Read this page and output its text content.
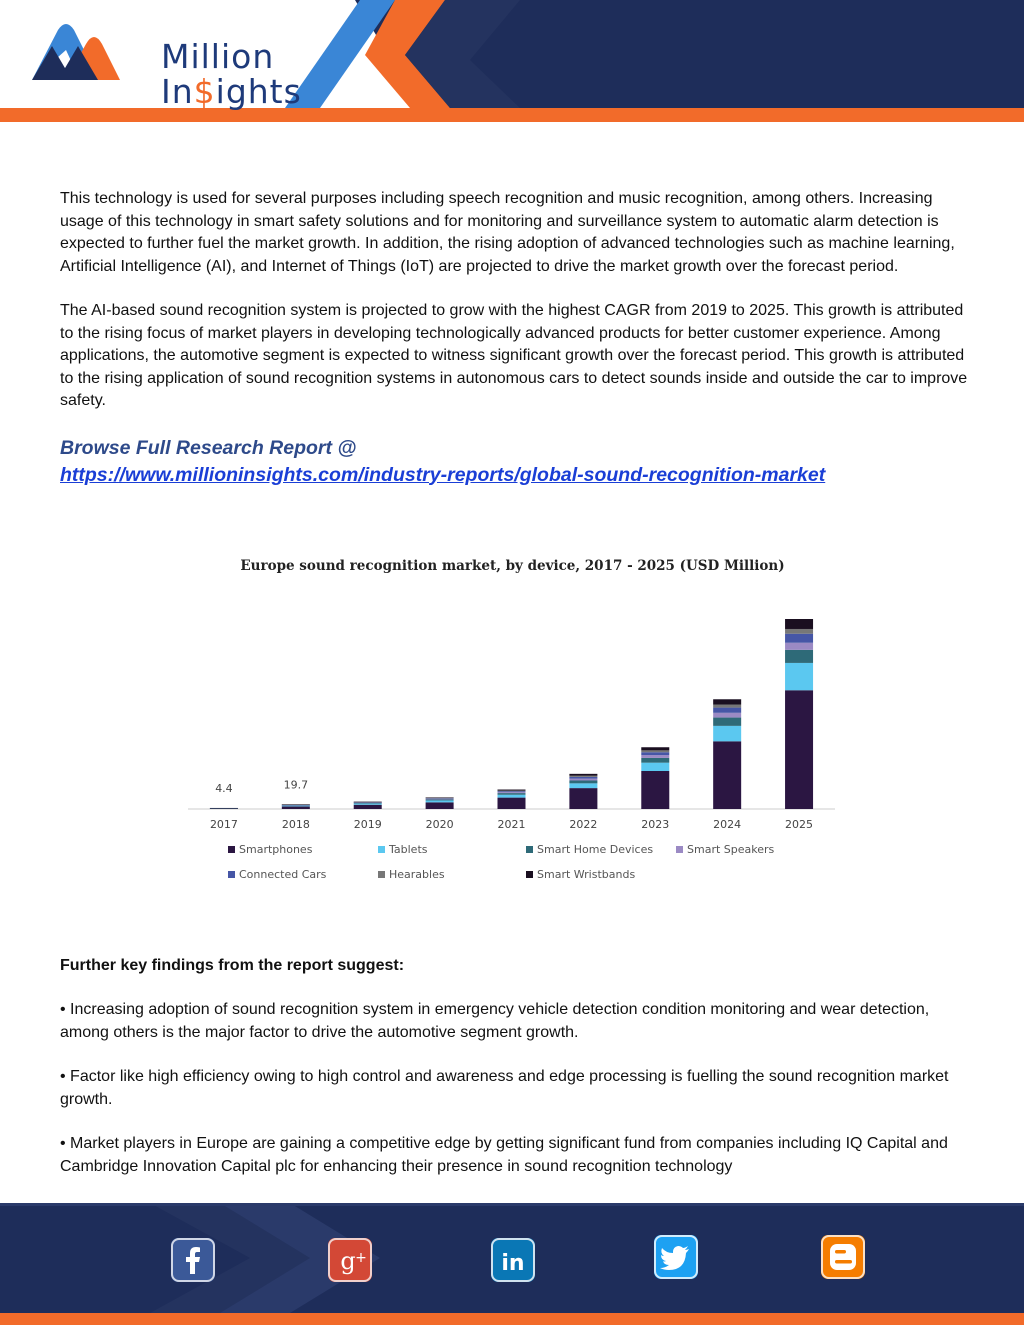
Million
In$ights

This technology is used for several purposes including speech recognition and music recognition, among others. Increasing usage of this technology in smart safety solutions and for monitoring and surveillance system to automatic alarm detection is expected to further fuel the market growth. In addition, the rising adoption of advanced technologies such as machine learning, Artificial Intelligence (AI), and Internet of Things (IoT) are projected to drive the market growth over the forecast period.

The AI-based sound recognition system is projected to grow with the highest CAGR from 2019 to 2025. This growth is attributed to the rising focus of market players in developing technologically advanced products for better customer experience. Among applications, the automotive segment is expected to witness significant growth over the forecast period. This growth is attributed to the rising application of sound recognition systems in autonomous cars to detect sounds inside and outside the car to improve safety.

Browse Full Research Report @

https://www.millioninsights.com/industry-reports/global-sound-recognition-market
Europe sound recognition market, by device, 2017 - 2025 (USD Million)
2017
4.4
2018
19.7
2019	2020	2021	2022	2023	2024	2025
Smartphones	Tablets	Smart Home Devices	Smart Speakers
Connected Cars	Hearables	Smart Wristbands

Further key findings from the report suggest:

• Increasing adoption of sound recognition system in emergency vehicle detection condition monitoring and wear detection, among others is the major factor to drive the automotive segment growth.

• Factor like high efficiency owing to high control and awareness and edge processing is fuelling the sound recognition market growth.

• Market players in Europe are gaining a competitive edge by getting significant fund from companies including IQ Capital and Cambridge Innovation Capital plc for enhancing their presence in sound recognition technology

g +	in
